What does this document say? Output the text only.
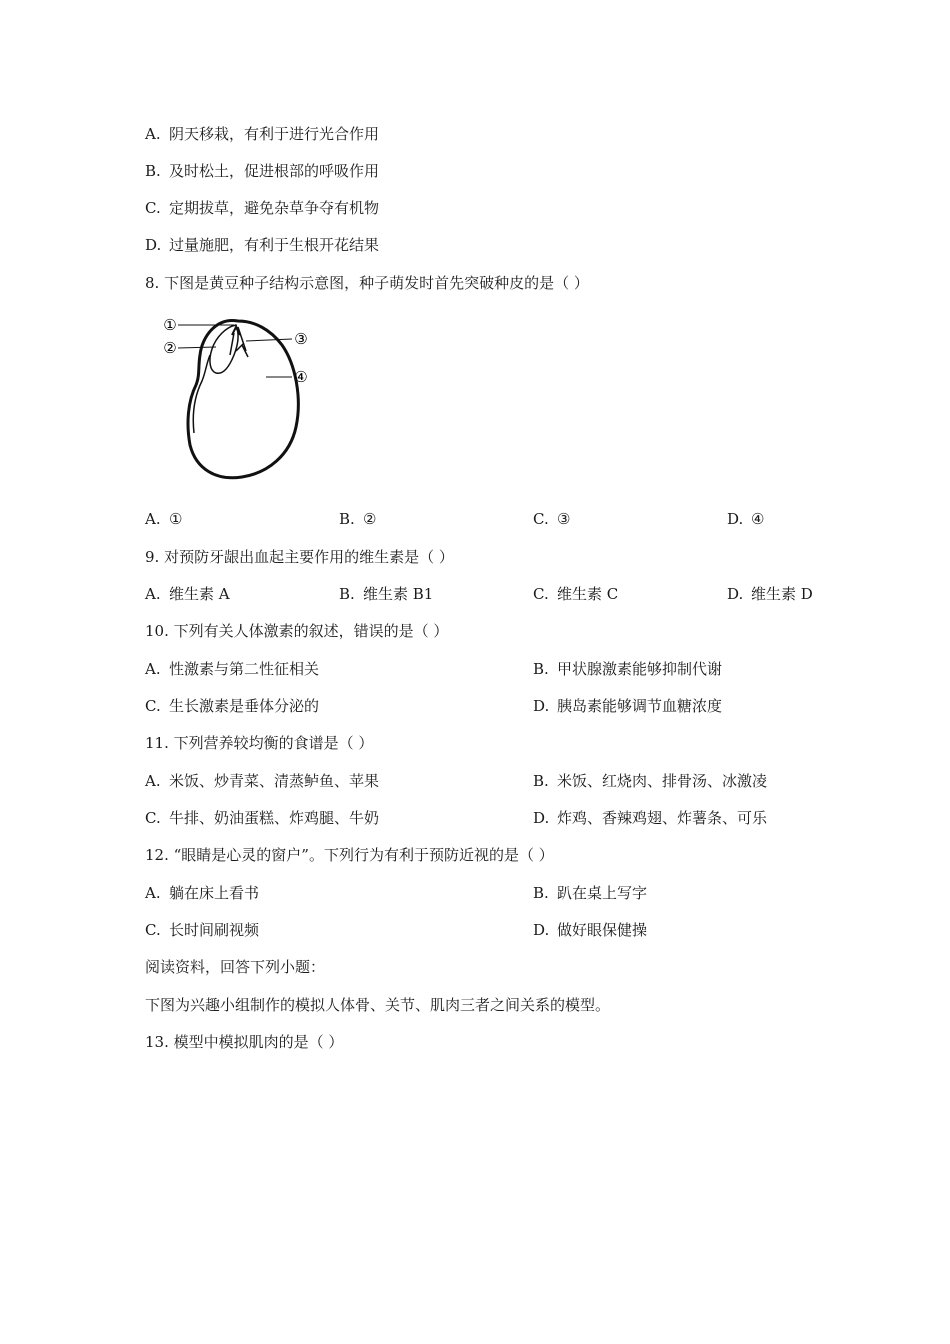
A. 阴天移栽，有利于进行光合作用
B. 及时松土，促进根部的呼吸作用
C. 定期拔草，避免杂草争夺有机物
D. 过量施肥，有利于生根开花结果
8. 下图是黄豆种子结构示意图，种子萌发时首先突破种皮的是（ ）
①
②	③
④
A. ①	B. ②	C. ③	D. ④
9. 对预防牙龈出血起主要作用的维生素是（ ）
A. 维生素 A	B. 维生素 B1	C. 维生素 C	D. 维生素 D
10. 下列有关人体激素的叙述，错误的是（ ）
A. 性激素与第二性征相关	B. 甲状腺激素能够抑制代谢
C. 生长激素是垂体分泌的	D. 胰岛素能够调节血糖浓度
11. 下列营养较均衡的食谱是（ ）
A. 米饭、炒青菜、清蒸鲈鱼、苹果	B. 米饭、红烧肉、排骨汤、冰激凌
C. 牛排、奶油蛋糕、炸鸡腿、牛奶	D. 炸鸡、香辣鸡翅、炸薯条、可乐
12. “眼睛是心灵的窗户”。下列行为有利于预防近视的是（ ）
A. 躺在床上看书	B. 趴在桌上写字
C. 长时间刷视频	D. 做好眼保健操
阅读资料，回答下列小题：
下图为兴趣小组制作的模拟人体骨、关节、肌肉三者之间关系的模型。
13. 模型中模拟肌肉的是（ ）
